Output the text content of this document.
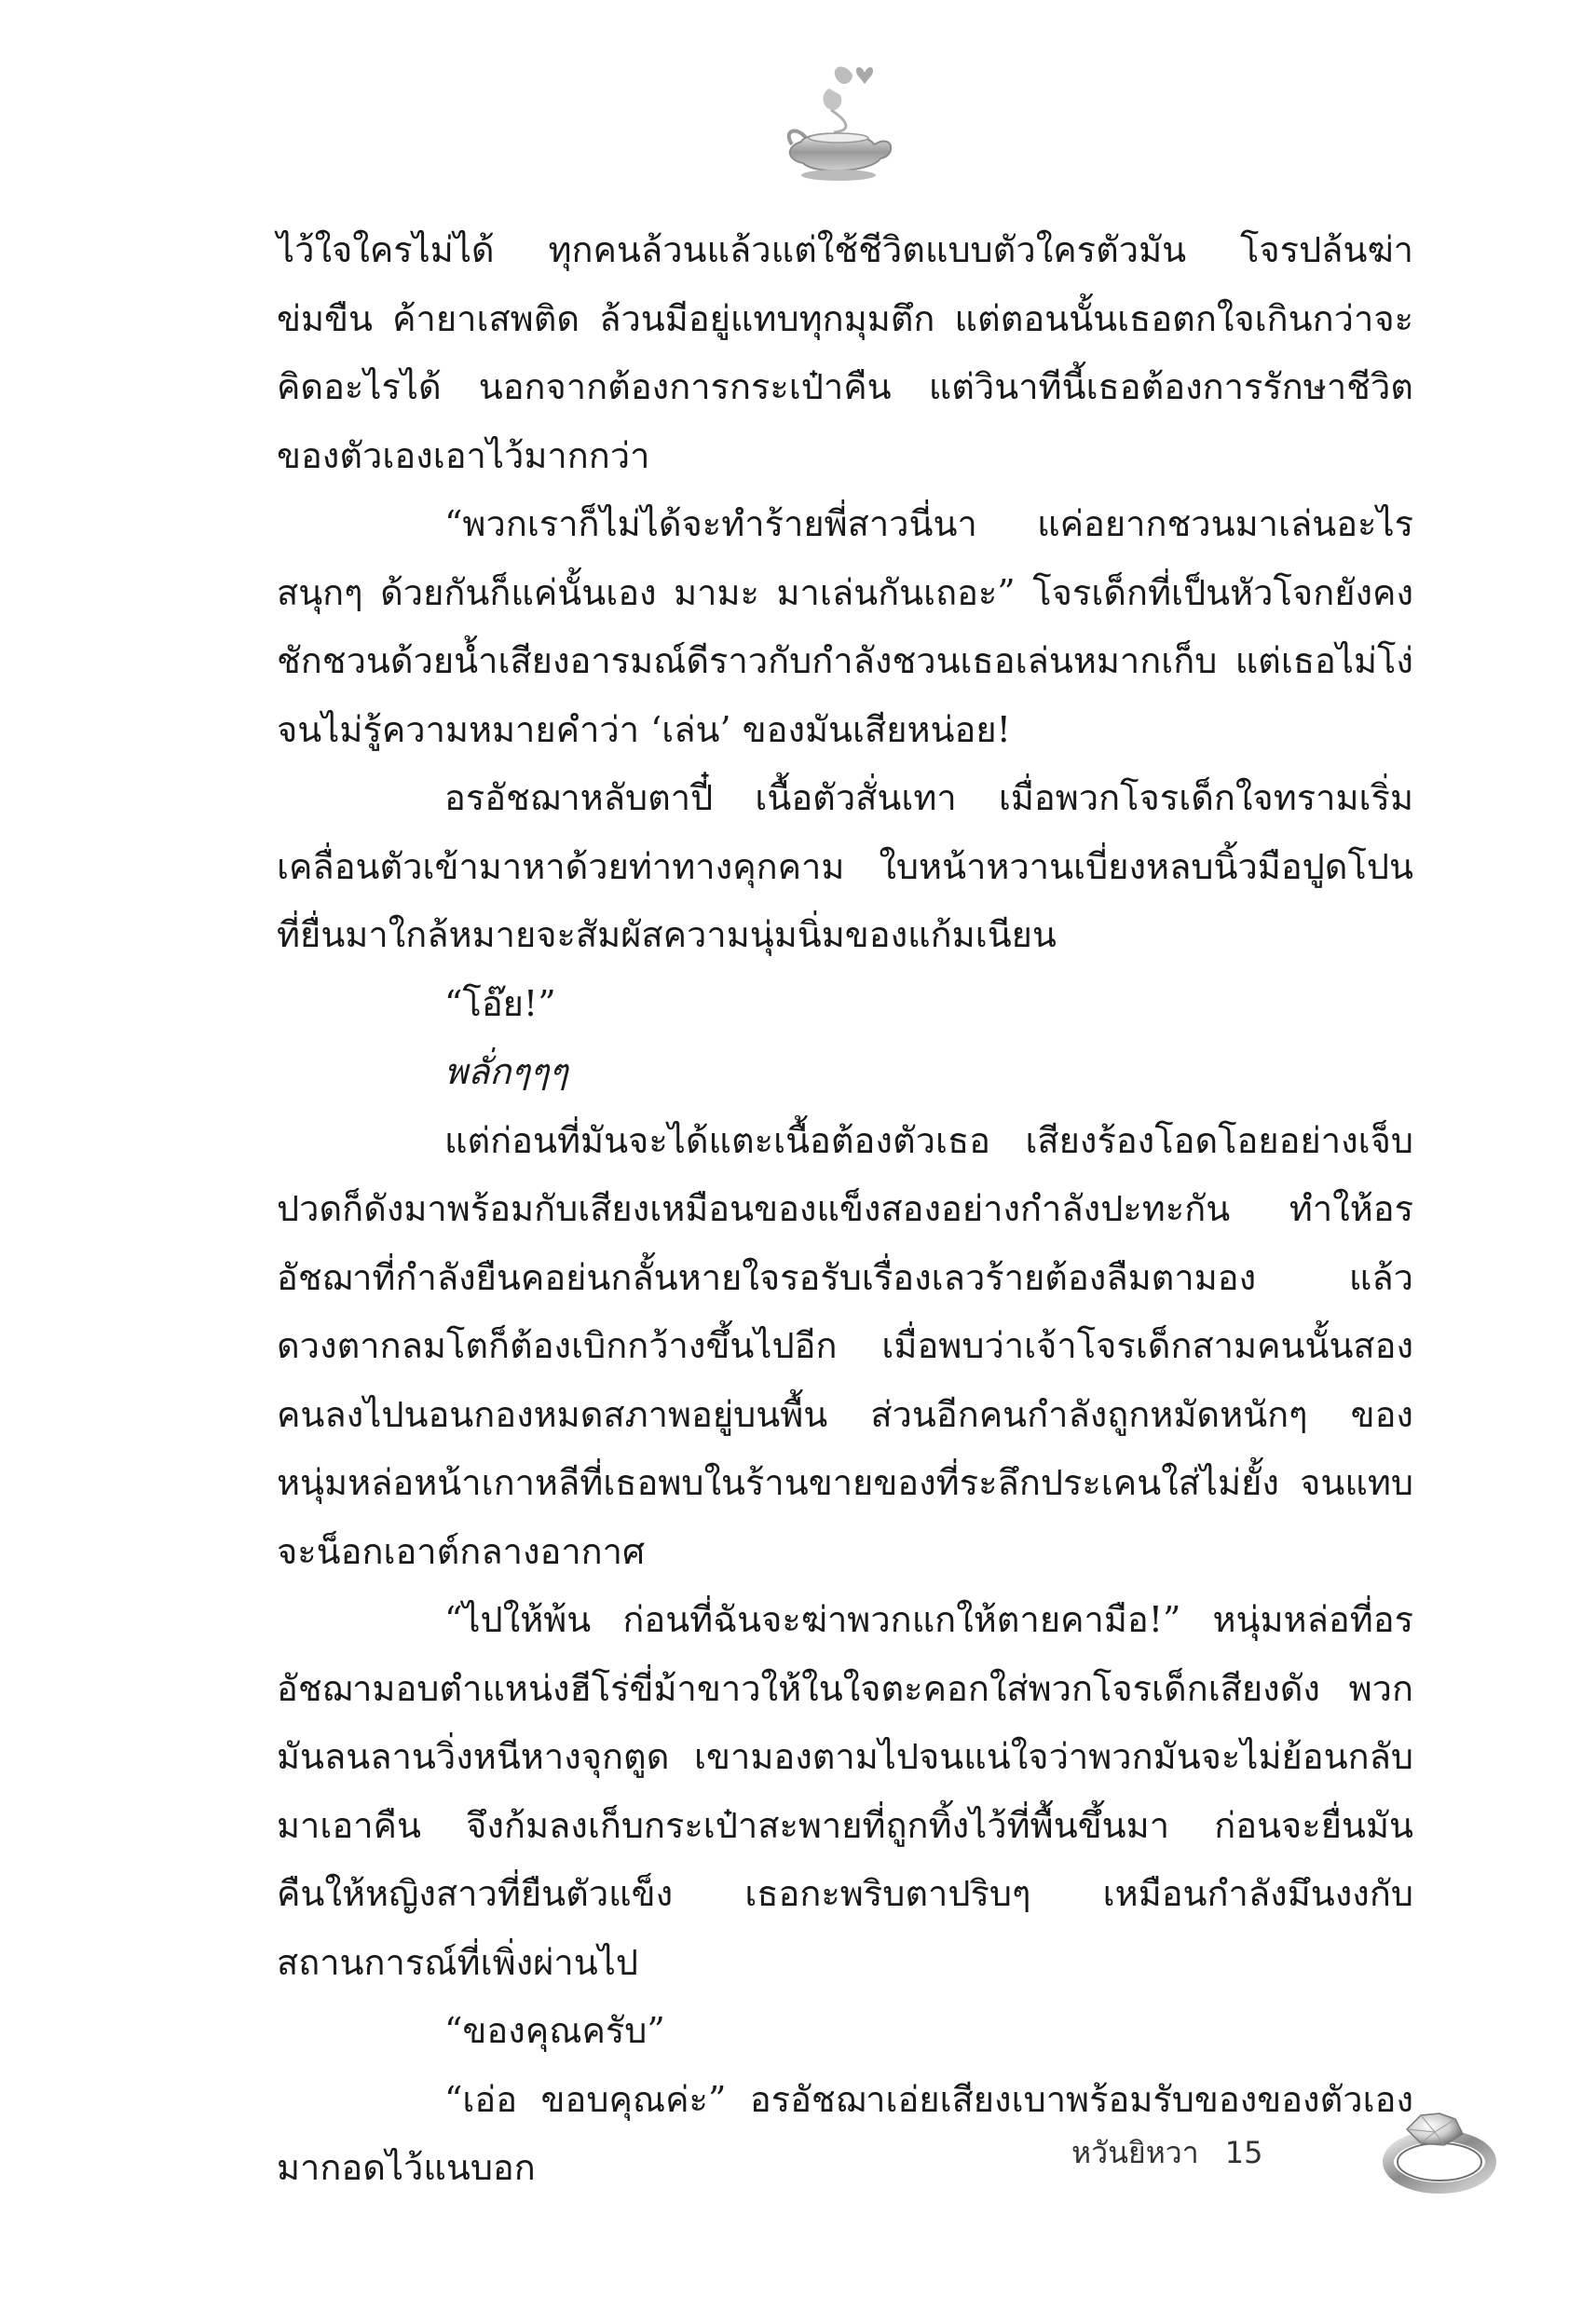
ไว้ใจใครไม่ได้ ทุกคนล้วนแล้วแต่ใช้ชีวิตแบบตัวใครตัวมัน โจรปล้นฆ่า ข่มขืน ค้ายาเสพติด ล้วนมีอยู่แทบทุกมุมตึก แต่ตอนนั้นเธอตกใจเกินกว่าจะคิดอะไรได้ นอกจากต้องการกระเป๋าคืน แต่วินาทีนี้เธอต้องการรักษาชีวิตของตัวเองเอาไว้มากกว่า

“พวกเราก็ไม่ได้จะทำร้ายพี่สาวนี่นา แค่อยากชวนมาเล่นอะไรสนุกๆ ด้วยกันก็แค่นั้นเอง มามะ มาเล่นกันเถอะ” โจรเด็กที่เป็นหัวโจกยังคงชักชวนด้วยน้ำเสียงอารมณ์ดีราวกับกำลังชวนเธอเล่นหมากเก็บ แต่เธอไม่โง่จนไม่รู้ความหมายคำว่า ‘เล่น’ ของมันเสียหน่อย!

อรอัชฌาหลับตาปี๋ เนื้อตัวสั่นเทา เมื่อพวกโจรเด็กใจทรามเริ่มเคลื่อนตัวเข้ามาหาด้วยท่าทางคุกคาม ใบหน้าหวานเบี่ยงหลบนิ้วมือปูดโปนที่ยื่นมาใกล้หมายจะสัมผัสความนุ่มนิ่มของแก้มเนียน

“โอ๊ย!”

พลั่กๆๆๆ

แต่ก่อนที่มันจะได้แตะเนื้อต้องตัวเธอ เสียงร้องโอดโอยอย่างเจ็บปวดก็ดังมาพร้อมกับเสียงเหมือนของแข็งสองอย่างกำลังปะทะกัน ทำให้อรอัชฌาที่กำลังยืนคอย่นกลั้นหายใจรอรับเรื่องเลวร้ายต้องลืมตามอง แล้วดวงตากลมโตก็ต้องเบิกกว้างขึ้นไปอีก เมื่อพบว่าเจ้าโจรเด็กสามคนนั้นสองคนลงไปนอนกองหมดสภาพอยู่บนพื้น ส่วนอีกคนกำลังถูกหมัดหนักๆ ของหนุ่มหล่อหน้าเกาหลีที่เธอพบในร้านขายของที่ระลึกประเคนใส่ไม่ยั้ง จนแทบจะน็อกเอาต์กลางอากาศ

“ไปให้พ้น ก่อนที่ฉันจะฆ่าพวกแกให้ตายคามือ!” หนุ่มหล่อที่อรอัชฌามอบตำแหน่งฮีโร่ขี่ม้าขาวให้ในใจตะคอกใส่พวกโจรเด็กเสียงดัง พวกมันลนลานวิ่งหนีหางจุกตูด เขามองตามไปจนแน่ใจว่าพวกมันจะไม่ย้อนกลับมาเอาคืน จึงก้มลงเก็บกระเป๋าสะพายที่ถูกทิ้งไว้ที่พื้นขึ้นมา ก่อนจะยื่นมันคืนให้หญิงสาวที่ยืนตัวแข็ง เธอกะพริบตาปริบๆ เหมือนกำลังมึนงงกับสถานการณ์ที่เพิ่งผ่านไป

“ของคุณครับ”

“เอ่อ ขอบคุณค่ะ” อรอัชฌาเอ่ยเสียงเบาพร้อมรับของของตัวเองมากอดไว้แนบอก	หวันยิหวา 15
